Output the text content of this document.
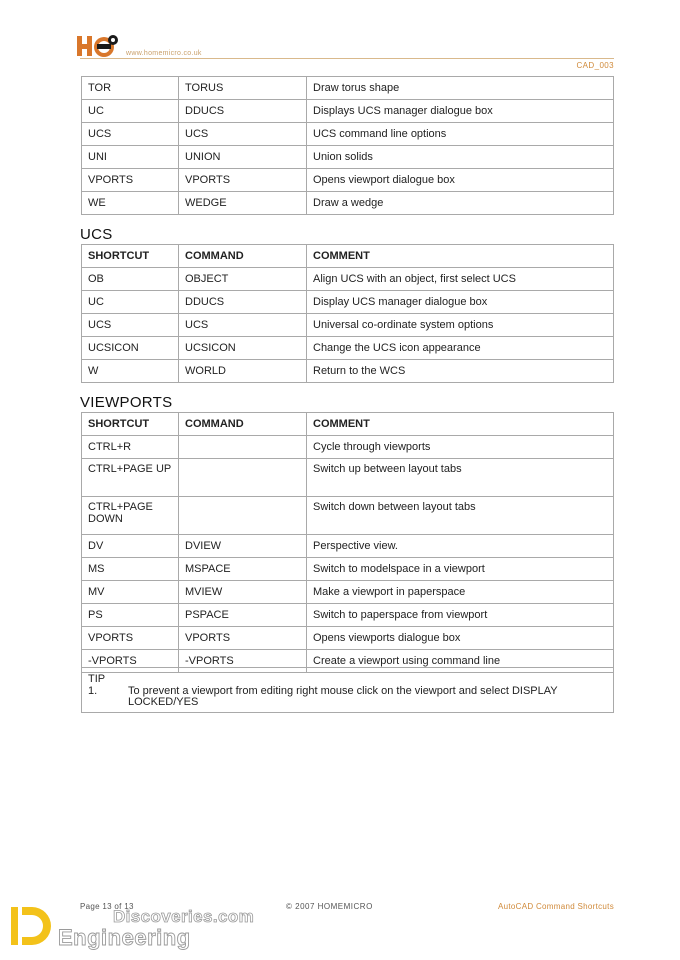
www.homemicro.co.uk
CAD_003
TOR	TORUS	Draw torus shape
UC	DDUCS	Displays UCS manager dialogue box
UCS	UCS	UCS command line options
UNI	UNION	Union solids
VPORTS	VPORTS	Opens viewport dialogue box
WE	WEDGE	Draw a wedge
UCS
SHORTCUT	COMMAND	COMMENT
OB	OBJECT	Align UCS with an object, first select UCS
UC	DDUCS	Display UCS manager dialogue box
UCS	UCS	Universal co-ordinate system options
UCSICON	UCSICON	Change the UCS icon appearance
W	WORLD	Return to the WCS
VIEWPORTS
SHORTCUT	COMMAND	COMMENT
CTRL+R		Cycle through viewports
CTRL+PAGE UP		Switch up between layout tabs
CTRL+PAGE DOWN		Switch down between layout tabs
DV	DVIEW	Perspective view.
MS	MSPACE	Switch to modelspace in a viewport
MV	MVIEW	Make a viewport in paperspace
PS	PSPACE	Switch to paperspace from viewport
VPORTS	VPORTS	Opens viewports dialogue box
-VPORTS	-VPORTS	Create a viewport using command line
TIP
1.	To prevent a viewport from editing right mouse click on the viewport and select DISPLAY LOCKED/YES
Page 13 of 13	© 2007 HOMEMICRO	AutoCAD Command Shortcuts
Discoveries.com
Engineering
